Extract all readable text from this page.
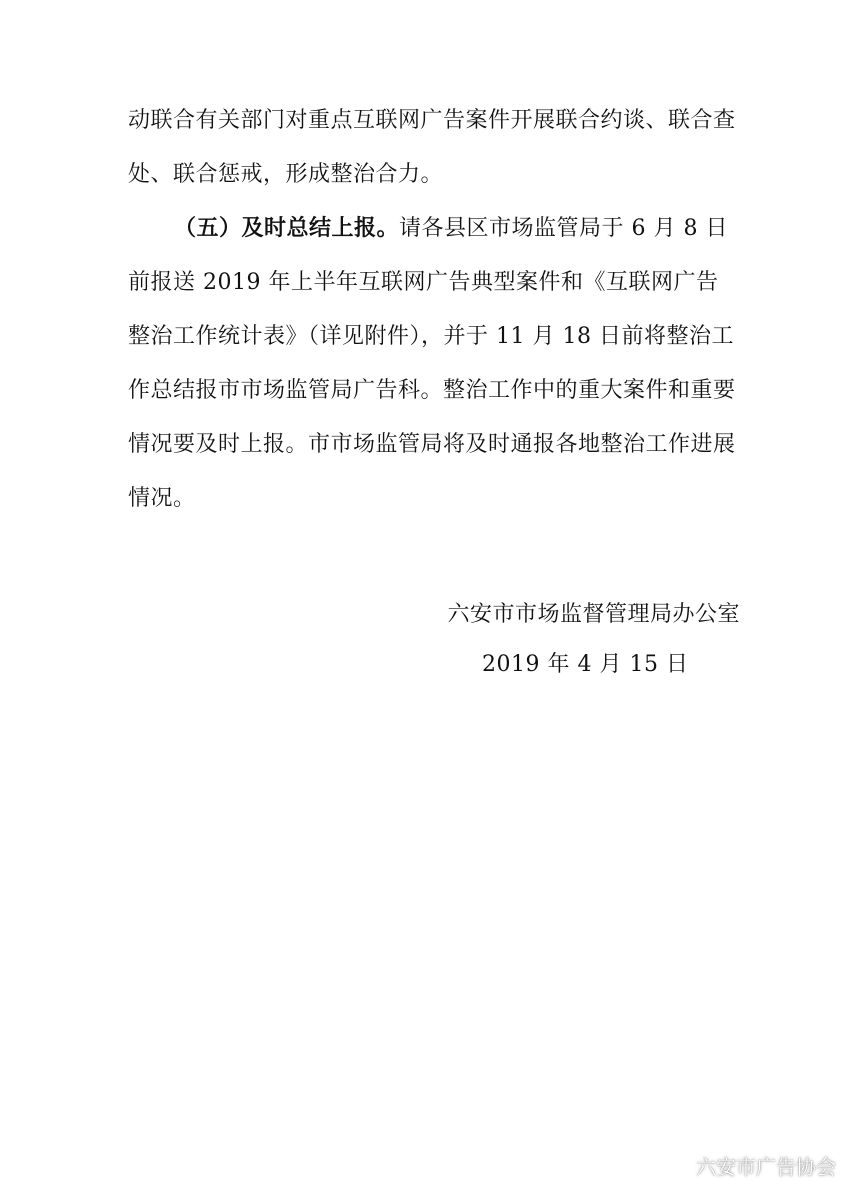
动联合有关部门对重点互联网广告案件开展联合约谈、联合查处、联合惩戒，形成整治合力。

（五）及时总结上报。请各县区市场监管局于 6 月 8 日前报送 2019 年上半年互联网广告典型案件和《互联网广告整治工作统计表》（详见附件），并于 11 月 18 日前将整治工作总结报市市场监管局广告科。整治工作中的重大案件和重要情况要及时上报。市市场监管局将及时通报各地整治工作进展情况。

六安市市场监督管理局办公室
2019 年 4 月 15 日
六安市广告协会
